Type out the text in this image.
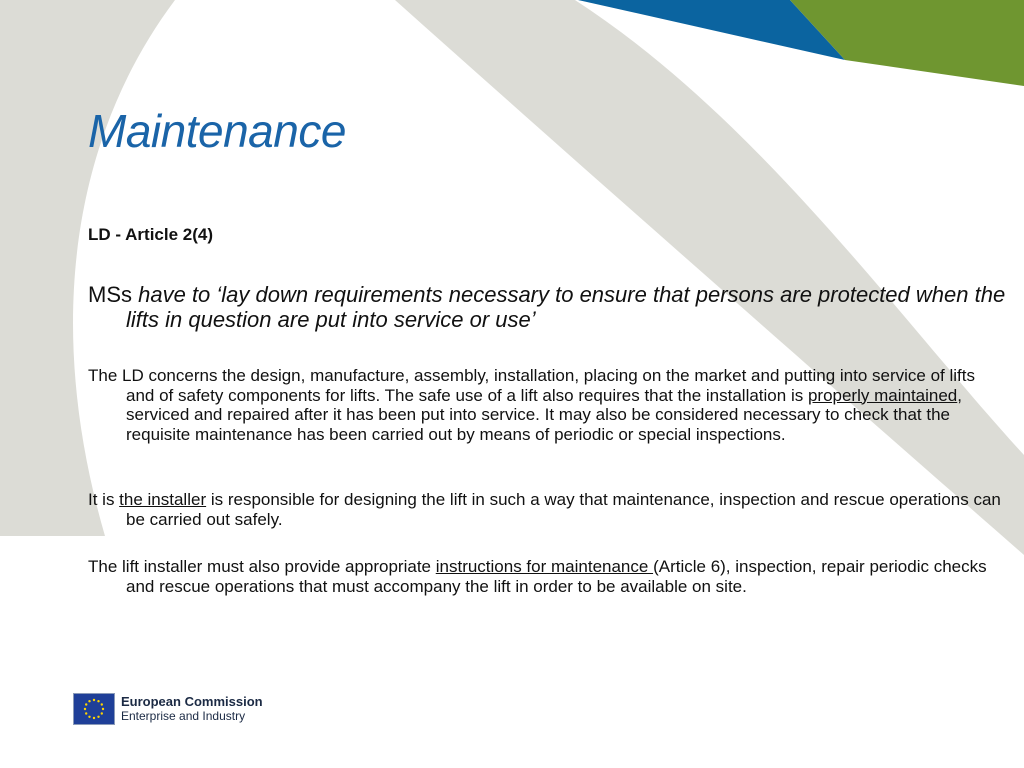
Maintenance
LD - Article 2(4)
MSs have to ‘lay down requirements necessary to ensure that persons are protected when the lifts in question are put into service or use’
The LD concerns the design, manufacture, assembly, installation, placing on the market and putting into service of lifts and of safety components for lifts. The safe use of a lift also requires that the installation is properly maintained, serviced and repaired after it has been put into service. It may also be considered necessary to check that the requisite maintenance has been carried out by means of periodic or special inspections.
It is the installer is responsible for designing the lift in such a way that maintenance, inspection and rescue operations can be carried out safely.
The lift installer must also provide appropriate instructions for maintenance (Article 6), inspection, repair periodic checks and rescue operations that must accompany the lift in order to be available on site.
European Commission
Enterprise and Industry
